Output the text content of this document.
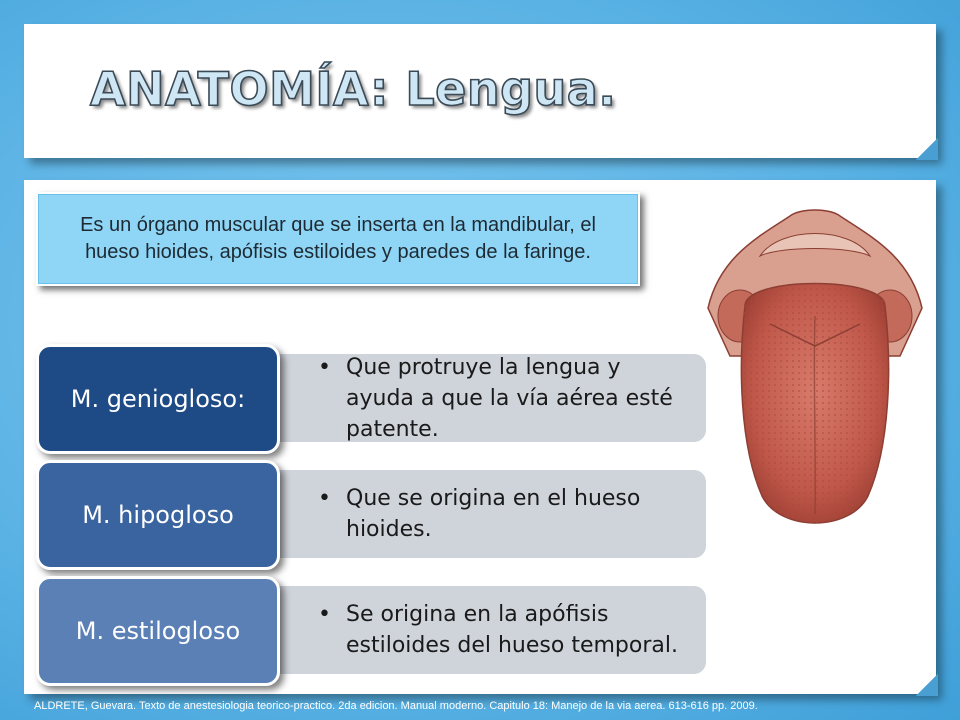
ANATOMÍA: Lengua.
Es un órgano muscular que se inserta en la mandibular, el hueso hioides, apófisis estiloides y paredes de la faringe.
• Que protruye la lengua y ayuda a que la vía aérea esté patente.
M. geniogloso:
• Que se origina en el hueso hioides.
M. hipogloso
• Se origina en la apófisis estiloides del hueso temporal.
M. estilogloso
ALDRETE, Guevara. Texto de anestesiologia teorico-practico. 2da edicion. Manual moderno. Capitulo 18: Manejo de la via aerea. 613-616 pp. 2009.
